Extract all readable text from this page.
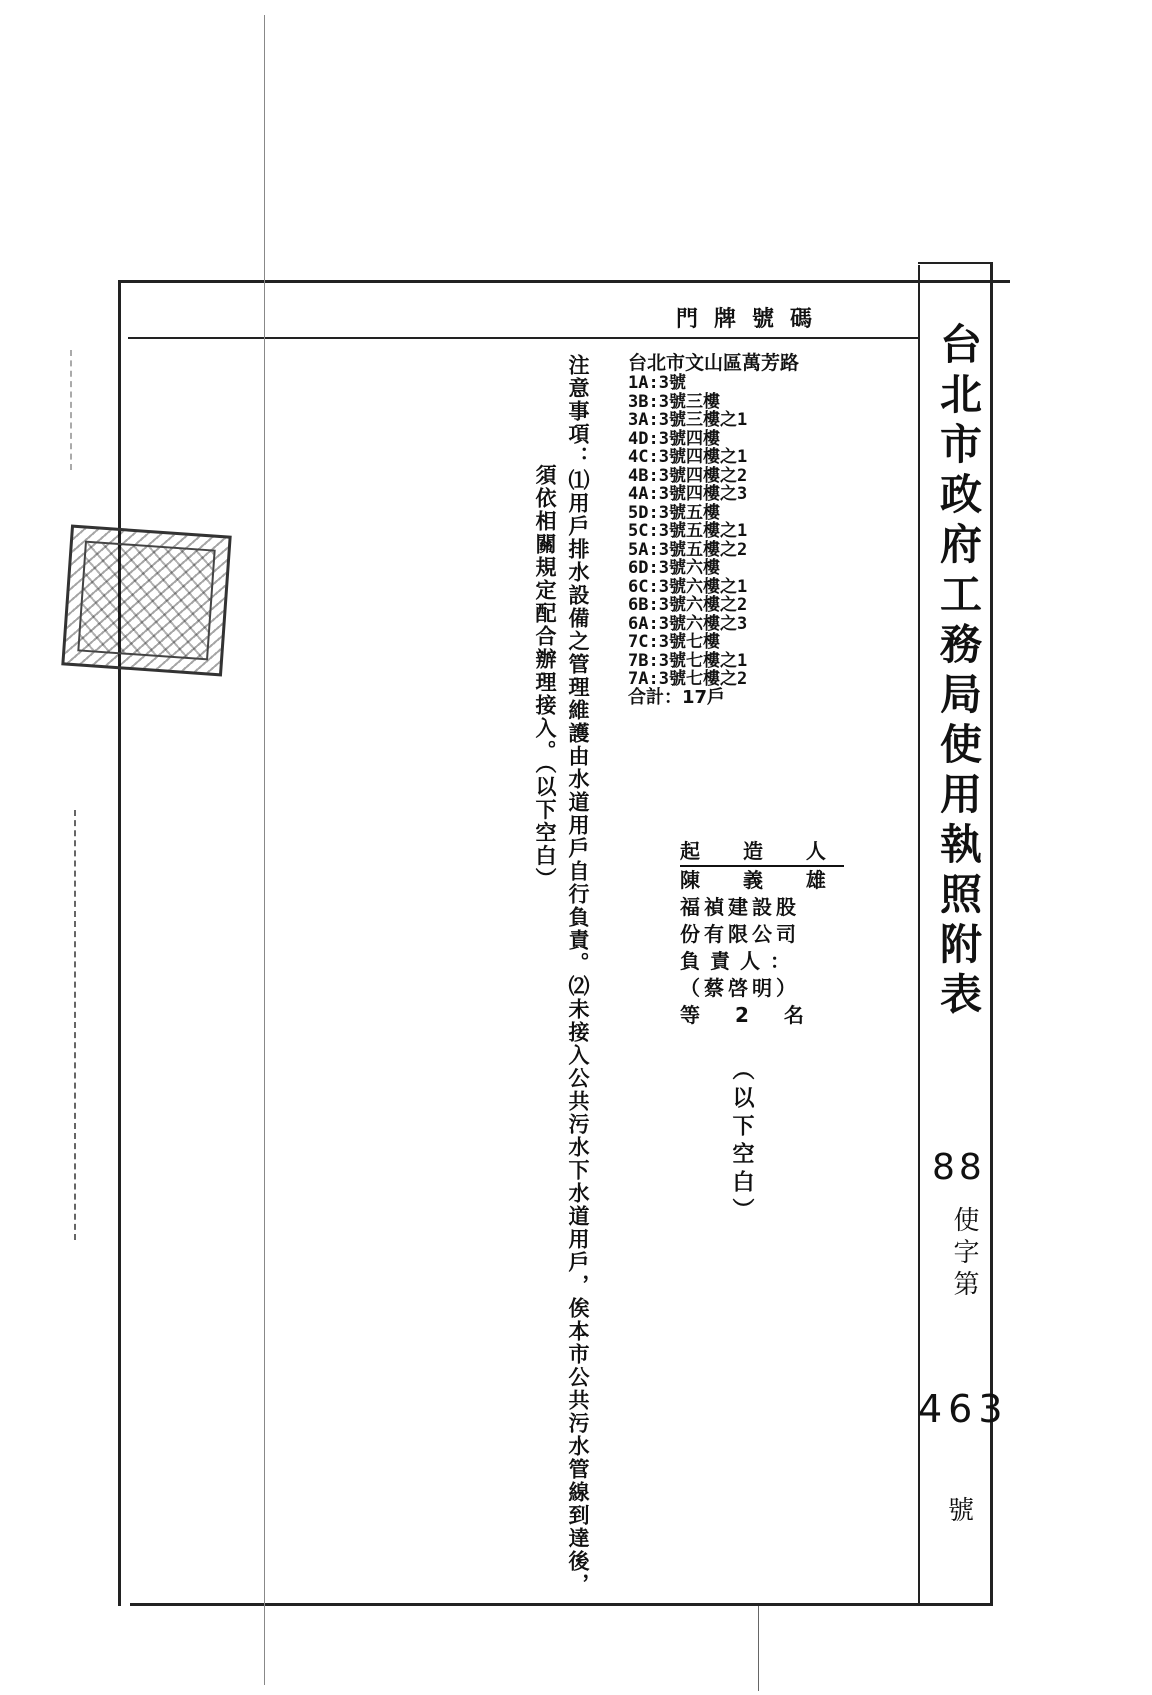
台北市政府工務局使用執照附表
88
使字第
463
號
門牌號碼
台北市文山區萬芳路
1A:3號
3B:3號三樓
3A:3號三樓之1
4D:3號四樓
4C:3號四樓之1
4B:3號四樓之2
4A:3號四樓之3
5D:3號五樓
5C:3號五樓之1
5A:3號五樓之2
6D:3號六樓
6C:3號六樓之1
6B:3號六樓之2
6A:3號六樓之3
7C:3號七樓
7B:3號七樓之1
7A:3號七樓之2
合計：17戶
起 造 人
陳 義 雄
福禎建設股
份有限公司
負責人：
（蔡啓明）
等 2 名
（以下空白）
注意事項：⑴用戶排水設備之管理維護由水道用戶自行負責。⑵未接入公共污水下水道用戶，俟本市公共污水管線到達後，
須依相關規定配合辦理接入。（以下空白）
